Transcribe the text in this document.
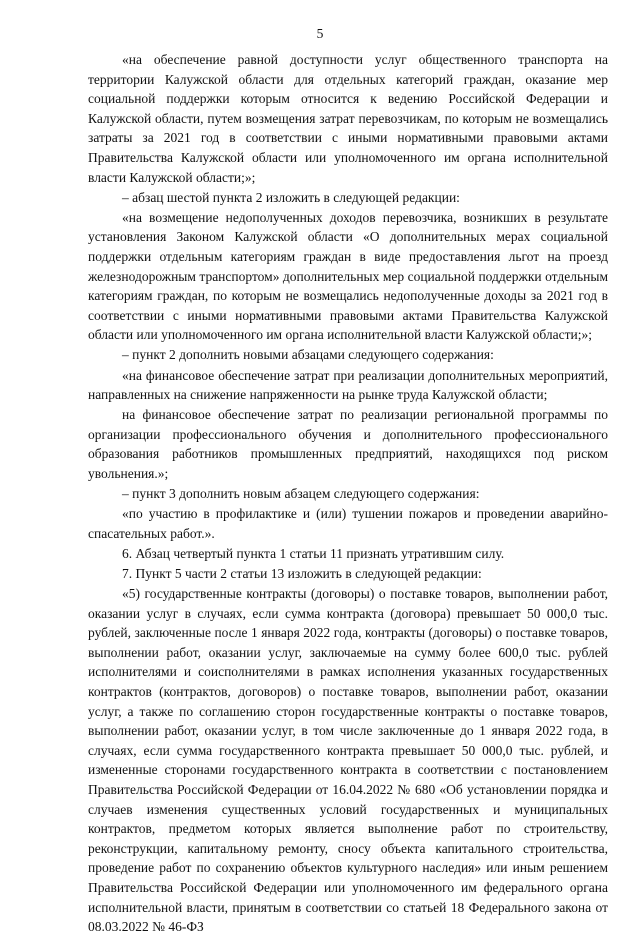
5

«на обеспечение равной доступности услуг общественного транспорта на территории Калужской области для отдельных категорий граждан, оказание мер социальной поддержки которым относится к ведению Российской Федерации и Калужской области, путем возмещения затрат перевозчикам, по которым не возмещались затраты за 2021 год в соответствии с иными нормативными правовыми актами Правительства Калужской области или уполномоченного им органа исполнительной власти Калужской области;»;

– абзац шестой пункта 2 изложить в следующей редакции:

«на возмещение недополученных доходов перевозчика, возникших в результате установления Законом Калужской области «О дополнительных мерах социальной поддержки отдельным категориям граждан в виде предоставления льгот на проезд железнодорожным транспортом» дополнительных мер социальной поддержки отдельным категориям граждан, по которым не возмещались недополученные доходы за 2021 год в соответствии с иными нормативными правовыми актами Правительства Калужской области или уполномоченного им органа исполнительной власти Калужской области;»;

– пункт 2 дополнить новыми абзацами следующего содержания:

«на финансовое обеспечение затрат при реализации дополнительных мероприятий, направленных на снижение напряженности на рынке труда Калужской области;

на финансовое обеспечение затрат по реализации региональной программы по организации профессионального обучения и дополнительного профессионального образования работников промышленных предприятий, находящихся под риском увольнения.»;

– пункт 3 дополнить новым абзацем следующего содержания:

«по участию в профилактике и (или) тушении пожаров и проведении аварийно-спасательных работ.».

6. Абзац четвертый пункта 1 статьи 11 признать утратившим силу.

7. Пункт 5 части 2 статьи 13 изложить в следующей редакции:

«5) государственные контракты (договоры) о поставке товаров, выполнении работ, оказании услуг в случаях, если сумма контракта (договора) превышает 50 000,0 тыс. рублей, заключенные после 1 января 2022 года, контракты (договоры) о поставке товаров, выполнении работ, оказании услуг, заключаемые на сумму более 600,0 тыс. рублей исполнителями и соисполнителями в рамках исполнения указанных государственных контрактов (контрактов, договоров) о поставке товаров, выполнении работ, оказании услуг, а также по соглашению сторон государственные контракты о поставке товаров, выполнении работ, оказании услуг, в том числе заключенные до 1 января 2022 года, в случаях, если сумма государственного контракта превышает 50 000,0 тыс. рублей, и измененные сторонами государственного контракта в соответствии с постановлением Правительства Российской Федерации от 16.04.2022 № 680 «Об установлении порядка и случаев изменения существенных условий государственных и муниципальных контрактов, предметом которых является выполнение работ по строительству, реконструкции, капитальному ремонту, сносу объекта капитального строительства, проведение работ по сохранению объектов культурного наследия» или иным решением Правительства Российской Федерации или уполномоченного им федерального органа исполнительной власти, принятым в соответствии со статьей 18 Федерального закона от 08.03.2022 № 46-ФЗ
